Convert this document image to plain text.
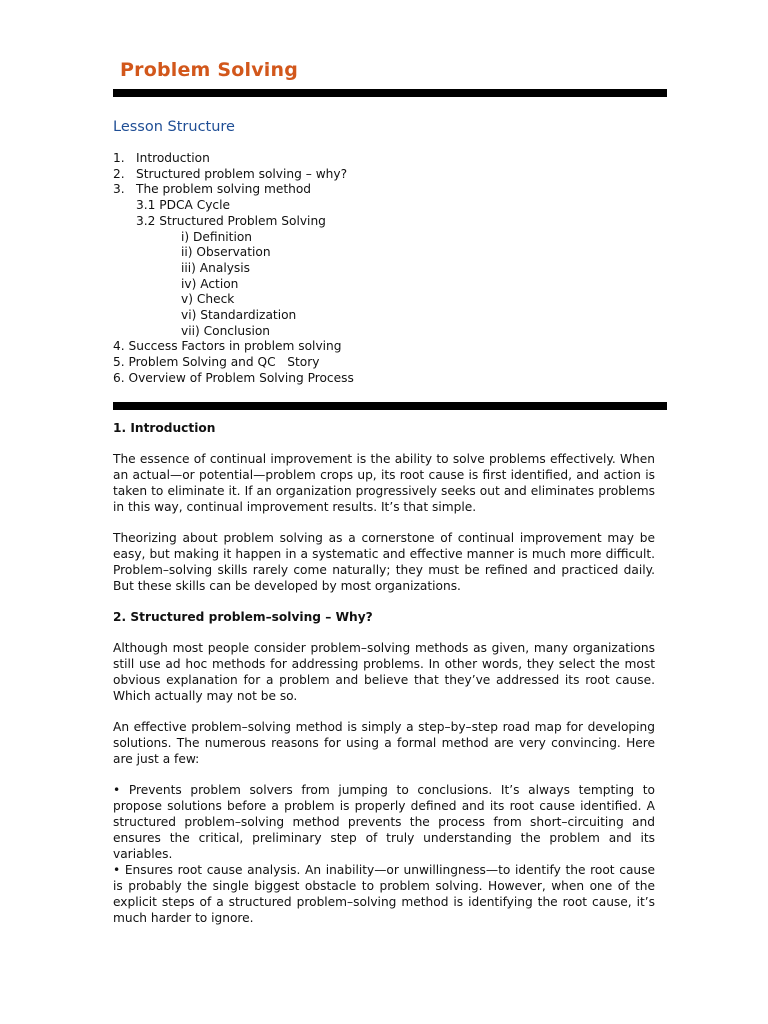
Problem Solving
Lesson Structure
1. Introduction
2. Structured problem solving – why?
3. The problem solving method
3.1 PDCA Cycle
3.2 Structured Problem Solving
i) Definition
ii) Observation
iii) Analysis
iv) Action
v) Check
vi) Standardization
vii) Conclusion
4. Success Factors in problem solving
5. Problem Solving and QC   Story
6. Overview of Problem Solving Process
1. Introduction

The essence of continual improvement is the ability to solve problems effectively. When an actual—or potential—problem crops up, its root cause is first identified, and action is taken to eliminate it. If an organization progressively seeks out and eliminates problems in this way, continual improvement results. It’s that simple.

Theorizing about problem solving as a cornerstone of continual improvement may be easy, but making it happen in a systematic and effective manner is much more difficult. Problem–solving skills rarely come naturally; they must be refined and practiced daily. But these skills can be developed by most organizations.

2. Structured problem–solving – Why?

Although most people consider problem–solving methods as given, many organizations still use ad hoc methods for addressing problems. In other words, they select the most obvious explanation for a problem and believe that they’ve addressed its root cause. Which actually may not be so.

An effective problem–solving method is simply a step–by–step road map for developing solutions. The numerous reasons for using a formal method are very convincing. Here are just a few:

• Prevents problem solvers from jumping to conclusions. It’s always tempting to propose solutions before a problem is properly defined and its root cause identified. A structured problem–solving method prevents the process from short–circuiting and ensures the critical, preliminary step of truly understanding the problem and its variables.

• Ensures root cause analysis. An inability—or unwillingness—to identify the root cause is probably the single biggest obstacle to problem solving. However, when one of the explicit steps of a structured problem–solving method is identifying the root cause, it’s much harder to ignore.
